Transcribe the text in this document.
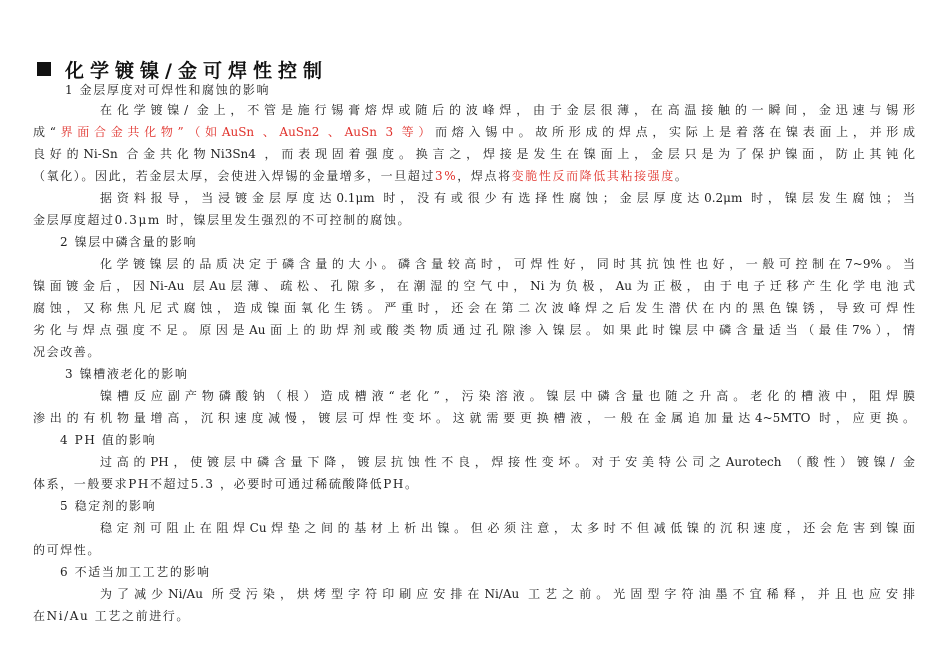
化学镀镍/金可焊性控制
1 金层厚度对可焊性和腐蚀的影响
在化学镀镍/ 金上，不管是施行锡膏熔焊或随后的波峰焊，由于金层很薄，在高温接触的一瞬间，金迅速与锡形
成“界面合金共化物”（如AuSn 、AuSn2 、AuSn 3 等）而熔入锡中。故所形成的焊点，实际上是着落在镍表面上，并形成
良好的Ni-Sn 合金共化物Ni3Sn4 ，而表现固着强度。换言之，焊接是发生在镍面上，金层只是为了保护镍面，防止其钝化
（氧化）。因此，若金层太厚，会使进入焊锡的金量增多，一旦超过3%，焊点将变脆性反而降低其粘接强度。
据资料报导，当浸镀金层厚度达0.1μm 时，没有或很少有选择性腐蚀；金层厚度达0.2μm 时，镍层发生腐蚀；当
金层厚度超过0.3μm 时，镍层里发生强烈的不可控制的腐蚀。
2 镍层中磷含量的影响
化学镀镍层的品质决定于磷含量的大小。磷含量较高时，可焊性好，同时其抗蚀性也好，一般可控制在7~9%。当
镍面镀金后，因Ni-Au 层Au层薄、疏松、孔隙多，在潮湿的空气中，Ni为负极，Au为正极，由于电子迁移产生化学电池式
腐蚀，又称焦凡尼式腐蚀，造成镍面氧化生锈。严重时，还会在第二次波峰焊之后发生潜伏在内的黑色镍锈，导致可焊性
劣化与焊点强度不足。原因是Au面上的助焊剂或酸类物质通过孔隙渗入镍层。如果此时镍层中磷含量适当（最佳7%），情
况会改善。
3 镍槽液老化的影响
镍槽反应副产物磷酸钠（根）造成槽液“老化”，污染溶液。镍层中磷含量也随之升高。老化的槽液中，阻焊膜
渗出的有机物量增高，沉积速度减慢，镀层可焊性变坏。这就需要更换槽液，一般在金属追加量达4~5MTO 时，应更换。
4 PH 值的影响
过高的PH，使镀层中磷含量下降，镀层抗蚀性不良，焊接性变坏。对于安美特公司之Aurotech （酸性）镀镍/ 金
体系，一般要求PH不超过5.3 ，必要时可通过稀硫酸降低PH。
5 稳定剂的影响
稳定剂可阻止在阻焊Cu焊垫之间的基材上析出镍。但必须注意，太多时不但减低镍的沉积速度，还会危害到镍面
的可焊性。
6 不适当加工工艺的影响
为了减少Ni/Au 所受污染，烘烤型字符印刷应安排在Ni/Au 工艺之前。光固型字符油墨不宜稀释，并且也应安排
在Ni/Au 工艺之前进行。
